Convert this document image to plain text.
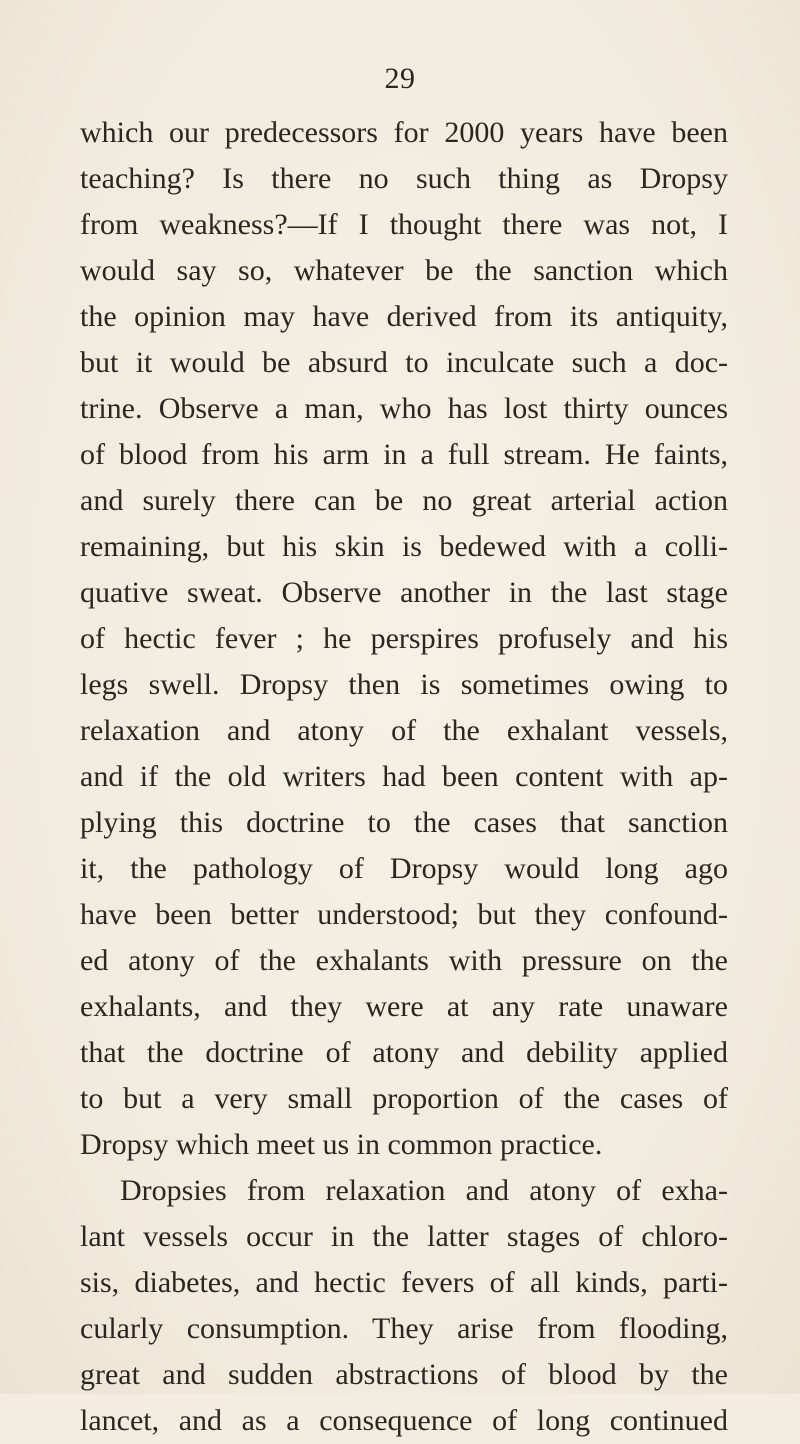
29
which our predecessors for 2000 years have been
teaching? Is there no such thing as Dropsy
from weakness?—If I thought there was not, I
would say so, whatever be the sanction which
the opinion may have derived from its antiquity,
but it would be absurd to inculcate such a doc-
trine. Observe a man, who has lost thirty ounces
of blood from his arm in a full stream. He faints,
and surely there can be no great arterial action
remaining, but his skin is bedewed with a colli-
quative sweat. Observe another in the last stage
of hectic fever ; he perspires profusely and his
legs swell. Dropsy then is sometimes owing to
relaxation and atony of the exhalant vessels,
and if the old writers had been content with ap-
plying this doctrine to the cases that sanction
it, the pathology of Dropsy would long ago
have been better understood; but they confound-
ed atony of the exhalants with pressure on the
exhalants, and they were at any rate unaware
that the doctrine of atony and debility applied
to but a very small proportion of the cases of
Dropsy which meet us in common practice.
Dropsies from relaxation and atony of exha-
lant vessels occur in the latter stages of chloro-
sis, diabetes, and hectic fevers of all kinds, parti-
cularly consumption. They arise from flooding,
great and sudden abstractions of blood by the
lancet, and as a consequence of long continued
